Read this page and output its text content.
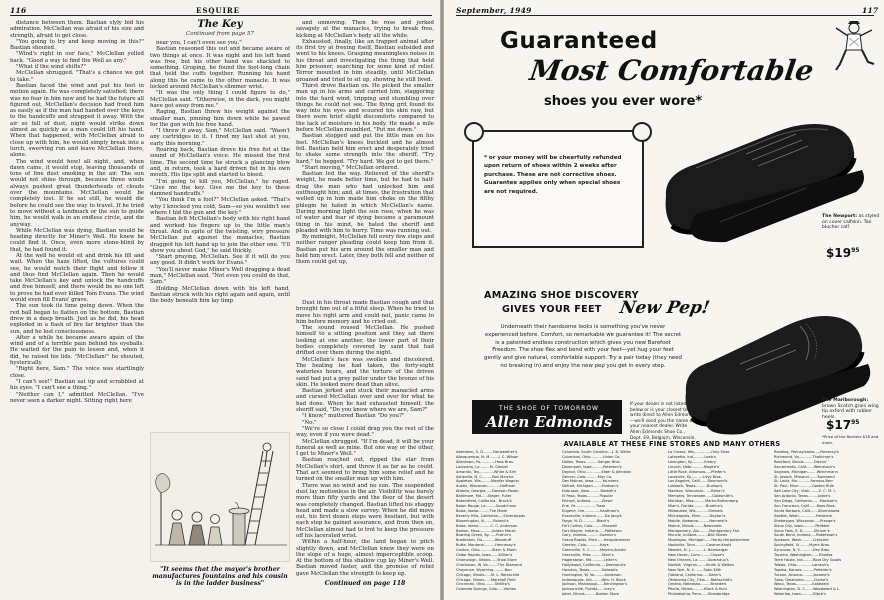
116	ESQUIRE
The Key
Continued from page 57

distance between them. Bastian slyly bid his admiration. McClellan was afraid of his size and strength, afraid to get close.

"You going to try and keep moving in this?" Bastian shouted.

"Wind's right in our face," McClellan yelled back. "Good a way to find the Well as any."

"What if the wind shifts?"

McClellan shrugged. "That's a chance we got to take."

Bastian faced the wind and put his feet in motion again. He was completely satisfied; there was no fear in him now and he had the future all figured out. McClellan's decision had freed him as easily as if the man had handed over the keys to the handcuffs and strapped it away. With the air so full of dust, night would strike down almost as quickly as a man could lift his hand. When that happened, with McClellan afraid to close up with him, he would simply break into a lurch, swerving run and leave McClellan there, alone.

The wind would howl all night, and, when dawn came, it would stop, leaving thousands of tons of fine dust smoking in the air. The sun would not shine through, because three winds always pushed great thunderheads of clouds over the mountains. McClellan would be completely lost. If he sat still, he would die before he could see the way to travel. If he tried to move without a landmark or the sun to guide him, he would walk in an endless circle, and die anyway.

While McClellan was dying, Bastian would be heading directly for Miner's Well. He knew he could find it. Once, even more stone-blind by that, he had found it.

At the well he would sit and drink his fill and wait. When the haze lifted, the vultures could see, he would watch their flight and follow it and thus find McClellan again. Then he would take McClellan's key and unlock the handcuffs and free himself, and there would be no one left to prove he had ever killed Tom Evans. The wind would even fill Evans' grave.

The sun took its time going down. When the red ball began to flatten on the bottom, Bastian drew in a deep breath. Just as he did, his head exploded in a flash of fire far brighter than the sun, and he lost consciousness.

After a while he became aware again of the wind and of a terrible pain behind his eyeballs. He waited for the pain to lessen and, when it did, he raised his lids. "McClellan!" he shouted, hysterically.

"Right here, Sam." The voice was startlingly close.

"I can't see!" Bastian sat up and scrabbled at his eyes. "I can't see a thing."

"Neither can I," admitted McClellan. "I've never seen a darker night. Sitting right here

near you, I can't even see you."

Bastian reasoned this out and became aware of two things at once. It was night and his left hand was free, but his other hand was shackled to something. Groping, he found the foot-long chain that held the cuffs together. Running his hand along this he came to the other manacle. It was locked around McClellan's slimmer wrist.

"It was the only thing I could figure to do," McClellan said. "Otherwise, in the dark, you might have got away from me."

Raging, Bastian threw his weight against the smaller man, pinning him down while he pawed for the gun with his free hand.

"I threw it away, Sam," McClellan said. "Wasn't any cartridges in it. I fired my last shot at you, early this morning."

Roaring back, Bastian drove his free fist at the sound of McClellan's voice. He missed the first time. The second time he struck a glancing blow and, in return, took a hard driven fist in his own mouth. His lips split and started to bleed.

"I'm going to kill you, McClellan," he raged. "Give me the key. Give me the key to these damned handcuffs."

"You think I'm a fool?" McClellan asked. "That's why I knocked you cold, Sam—so you wouldn't see where I hid the gun and the key."

Bastian felt McClellan's body with his right hand and worked his fingers up to the little man's throat. And in spite of the twisting, wiry pressure McClellan put against the manacles, Bastian dragged his left hand up to join the other one. "I'll show you about God," he said thickly.

"Start praying, McClellan. See if it will do you any good. It didn't work for Evans."

"You'll never make Miner's Well dragging a dead man," McClellan said. "Not even you could do that, Sam."

Holding McClellan down with his left hand, Bastian struck with his right again and again, until the body beneath him lay limp

and unmoving. Then he rose and jerked savagely at the manacles, trying to break free, kicking at McClellan's body all the while.

Exhausted, finally, like an trapped animal after its first try at freeing itself, Bastian subsided and went to his knees. Grasping meaningless noises in his throat and investigating the thing that held him prisoner, searching for some kind of relief. Terror mounted in him steadily, until McClellan groaned and tried to sit up, showing he still lived.

Thirst drove Bastian on. He picked the smaller man up in his arms and carried him, staggering into the hard wind, tripping and stumbling over things he could not see. The flying grit found its way into his eyes and scoured his skin raw, but there were brief slight discomforts compared to the lack of moisture in his body. He made a mile before McClellan mumbled, "Put me down."

Bastian stopped and put the little man on his feet. McClellan's knees buckled and he almost fell. Bastian held him erect and desperately tried to shake some strength into the sheriff. "Try hard," he begged. "Try hard. We got to get there."

"Start moving," McClellan ordered.

Bastian led the way. Relieved of the sheriff's weight, he made better time, but he had to half-drag the man who had unlocked him and outthought him; and, at times, the frustration that welled up in him made him choke on the filthy phlegm he hated in which McClellan's name. During morning light the sun rose, when he was of water and fear of dying became a paramount thing in his mind, he hated the sheriff and pleaded with him to hurry. Time was running out.

By midnight, McClellan fell every few steps and neither ranger pleading could keep him from it. Bastian put his arm around the smaller man and held him erect. Later, they both fell and neither of them could get up,

Dust in his throat made Bastian cough and that brought him out of a fitful sleep. When he tried to move his right arm and could not, panic came to him before memory and he cried out.

The sound roused McClellan. He pushed himself to a sitting position and they sat there looking at one another, the lower part of their bodies completely covered by sand that had drifted over them during the night.

McClellan's face was swollen and discolored. The beating he had taken, the forty-eight waterless hours, and the torture of the driven sand had put a grey pallor under the bronze of his skin. He looked more dead than alive.

Bastian jerked and stuck their manacled arms and cursed McClellan over and over for what he had done. When he had exhausted himself, the sheriff said, "Do you know where we are, Sam?"

"I know," muttered Bastian "Do you?"

"No."

"We're so close I could drag you the rest of the way, even if you were dead."

McClellan shrugged. "If I'm dead, it will be your funeral as well as mine. But one way or the other, I get to Miner's Well."

Bastian reached out, ripped the star from McClellan's shirt, and threw it as far as he could. That act seemed to bring him some relief and he turned on the smaller man up with him.

There was no wind and no sun. The suspended dust lay motionless in the air. Visibility was barely more than fifty yards and the floor of the desert was completely changed. Bastian lifted his shaggy head and made a slow survey. When he did move out, his first dozen steps were hesitant, but with each step he gained assurance, and from then on, McClellan almost had to trot to keep the pressure off his lacerated wrist.

Within a half-hour, the land began to pitch slightly down, and McClellan knew they were on the slope of a huge, almost imperceptible scoop. At the bottom of this shallow cup lay Miner's Well. Bastian moved faster, and the promise of relief gave McClellan the strength to keep up.

"It seems that the mayor's brother manufactures fountains and his cousin is in the ladder business"	Continued on page 118
September, 1949	117
Guaranteed
Most Comfortable
shoes you ever wore*

* or your money will be cheerfully refunded upon return of shoes within 2 weeks after purchase. These are not corrective shoes. Guarantee applies only when special shoes are not required.

The Newport: as styled on cover calfskin. Tan blucher calf.
$\$19^{95}$
AMAZING SHOE DISCOVERY
GIVES YOUR FEET New Pep!
Underneath their handsome looks is something you've never experienced before. Comfort, so remarkable we guarantee it! The secret is a patented endless construction which gives you new Barefoot Freedom. The shoe flex and bend with your feet—yet hug your feet gently and give natural, comfortable support. Try a pair today (they need no breaking in) and enjoy the new pep you get in every step.
THE SHOE OF TOMORROW
Allen Edmonds
If your dealer is not listed below or is your closest town, write direct to Allen Edmonds—we'll send you the name of your nearest dealer. Write Allen Edmonds Shoe Co., Dept. E9, Belgium, Wisconsin.
The Marlborough: brown Scotch grain wing tip oxford with rubber heels.
$\$17^{95}$
*Price of the Rockers $16 and more.
AVAILABLE AT THESE FINE STORES AND MANY OTHERS
Aberdeen, S. D.........Fairweather's
Albuquerque, N. M........J. C. Wilson
Allentown, Pa.............Hess Bros.
Louisiana, La.........M. Gimbel
Amarillo, Tex.............White & Kirk
Asheville, N. C.........Bon Marche
Appleton, Wis.........Moeller Wagner
Austin, Wisconsin...........Hoffman
Atlanta, Georgia......Davison-Paxon
Baltimore, Md......Sieger, Fuller
Bakersfield, California...Brock's
Baton Rouge, La.........Goudchaux
Boise, Idaho..........The Mode
Beverly Hills, California.....Silverwoods
Bloomington, Ill........Roland's
Boise, Idaho...........C. C. Anderson
Boston, Mass...........Jordan Marsh
Bowling Green, Ky.......Pushin's
Bradenton, Fla...........Woodruff
Butte, Montana..........Hennessy's
Canton, Ohio...........Stern & Mann
Cedar Rapids, Iowa.......Killian's
Champaign, Illinois......Shoe Store
Charleston, W. Va.........The Diamond
Cheyenne, Wyoming..........Bon
Chicago, Illinois......M. L. Rothschild
Chicago, Illinois......Marshall Field
Cincinnati, Ohio.........Shillito's
Colorado Springs, Colo......Vorhes
Columbia, South Carolina....J. B. White
Columbus, Ohio...........Union Co.
Dallas, Texas...........Sanger Bros.
Davenport, Iowa..........Petersen's
Dayton, Ohio..............Elder & Johnston
Denver, Colo...........May Co.
Des Moines, Iowa........Younkers
Detroit, Michigan........Hudson's
Dubuque, Iowa..........Roshek's
El Paso, Texas...........Popular
Elkhart, Indiana..........Ziesel
Erie, Pa..................Trask
Eugene, Ore..............Kaufman's
Evansville, Indiana........De Jong's
Fargo, N. D.............Black's
Fort Collins, Colo.........Maxwell
Fort Wayne, Indiana......Patterson
Gary, Indiana............Gordon's
Grand Rapids, Mich......Herpolsheimer
Greeley, Colo............Hays
Greenville, S. C.........Meyers-Arnold
Greenville, Miss..........Stein's
Hagerstown, Md...........Leiter's
Hollywood, California.....Desmond's
Houston, Texas...........Sakowitz
Huntington, W. Va.........Anderson
Indianapolis, Ind.........Wm. H. Block
Jackson, Mississippi......Kennington's
Jacksonville, Florida......Ivey's
Joliet, Illinois..........Boston Store
La Crosse, Wis...............Only Shoe
Lafayette, Ind..........Loeb's
Lexington, Ky...........Embry
Lincoln, Nebr...........Magee's
Little Rock, Arkansas.....Pfeifer's
Louisville, Ky...........Levy Bros.
Los Angeles, Calif.......Desmond's
Lubbock, Texas..........Dunlap's
Madison, Wisconsin.......Baron's
Memphis, Tennessee......Goldsmith's
Meridian, Miss..........Marks-Rothenberg
Miami, Florida...........Burdine's
Milwaukee, Wis...........Gimbels
Minneapolis, Minn........Dayton's
Mobile, Alabama..........Hammel's
Moline, Illinois.........Newcomb
Montgomery, Ala.........Montgomery Fair
Muncie, Indiana..........Ball Stores
Muskegon, Michigan......Hardy-Herpolsheimer
Nashville, Tenn..........Castner-Knott
Newark, N. J............L. Bamberger
New Haven, Conn.........Chase's
New Orleans, La.........Godchaux's
Norfolk, Virginia........Smith & Welton
New York, N. Y.........Saks-34th
Oakland, California......Kahn's
Oklahoma City, Okla.....Rothschild's
Omaha, Nebraska.........Brandeis
Peoria, Illinois..........Block & Kuhl
Philadelphia, Penn......Strawbridge
Reading, Pennsylvania.....Pomeroy's
Richmond, Va............Thalhimer's
Rockford, Illinois.........Owens'
Sacramento, Calif.......Weinstock's
Saginaw, Michigan........Wiechmann
St. Joseph, Missouri.......Townsend
St. Louis, Mo............Famous-Barr
St. Paul, Minn............Golden Rule
Salt Lake City, Utah........Z. C. M. I.
San Antonio, Texas.........Joske's
San Diego, California.......Marston's
San Francisco, Calif.......Roos Bros.
Santa Barbara, Calif.......Silverwoods
Seattle, Wash...............Frederick
Sheboygan, Wisconsin.....Prange's
Sioux City, Iowa...........Pelletier
Sioux Falls, S. D..........Shriver's
South Bend, Indiana.....Robertson's
Spokane, Wash..........Crescent
Springfield, Ill.........Myers Bros.
Syracuse, N. Y............Dey Bros.
Tacoma, Washington.......Rhodes
Terre Haute, Ind.........Root Dry Goods
Toledo, Ohio..............Lamson's
Topeka, Kansas...........Pelletier's
Tucson, Arizona..........Jacome's
Tulsa, Oklahoma.........Clarke's
Waco, Texas..............Goldstein
Washington, D. C.......Woodward & L.
Waterloo, Iowa...........Black's
